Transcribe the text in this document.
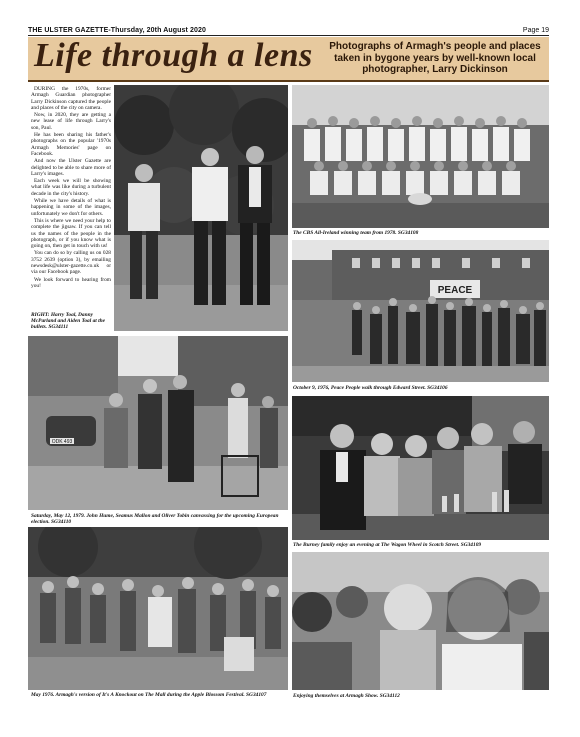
THE ULSTER GAZETTE-Thursday, 20th August 2020	Page 19
Life through a lens Photographs of Armagh's people and places taken in bygone years by well-known local photographer, Larry Dickinson

DURING the 1970s, former Armagh Guardian photographer Larry Dickinson captured the people and places of the city on camera.

Now, in 2020, they are getting a new lease of life through Larry's son, Paul.

He has been sharing his father's photographs on the popular '1970s Armagh Memories' page on Facebook.

And now the Ulster Gazette are delighted to be able to share more of Larry's images.

Each week we will be showing what life was like during a turbulent decade in the city's history.

While we have details of what is happening in some of the images, unfortunately we don't for others.

This is where we need your help to complete the jigsaw. If you can tell us the names of the people in the photograph, or if you know what is going on, then get in touch with us!

You can do so by calling us on 028 3752 2639 (option 3), by emailing newsdesk@ulster-gazette.co.uk or via our Facebook page.

We look forward to hearing from you!

RIGHT: Harry Toal, Danny McParland and Aiden Toal at the bullets. SG34111
The CBS All-Ireland winning team from 1978. SG34108
PEACE
October 9, 1976, Peace People walk through Edward Street. SG34106
ODK 493
Saturday, May 12, 1979. John Hume, Seamus Mallon and Oliver Tobin canvassing for the upcoming European election. SG34110
The Burney family enjoy an evening at The Wagon Wheel in Scotch Street. SG34109
May 1976. Armagh's version of It's A Knockout on The Mall during the Apple Blossom Festival. SG34107	Enjoying themselves at Armagh Show. SG34112
